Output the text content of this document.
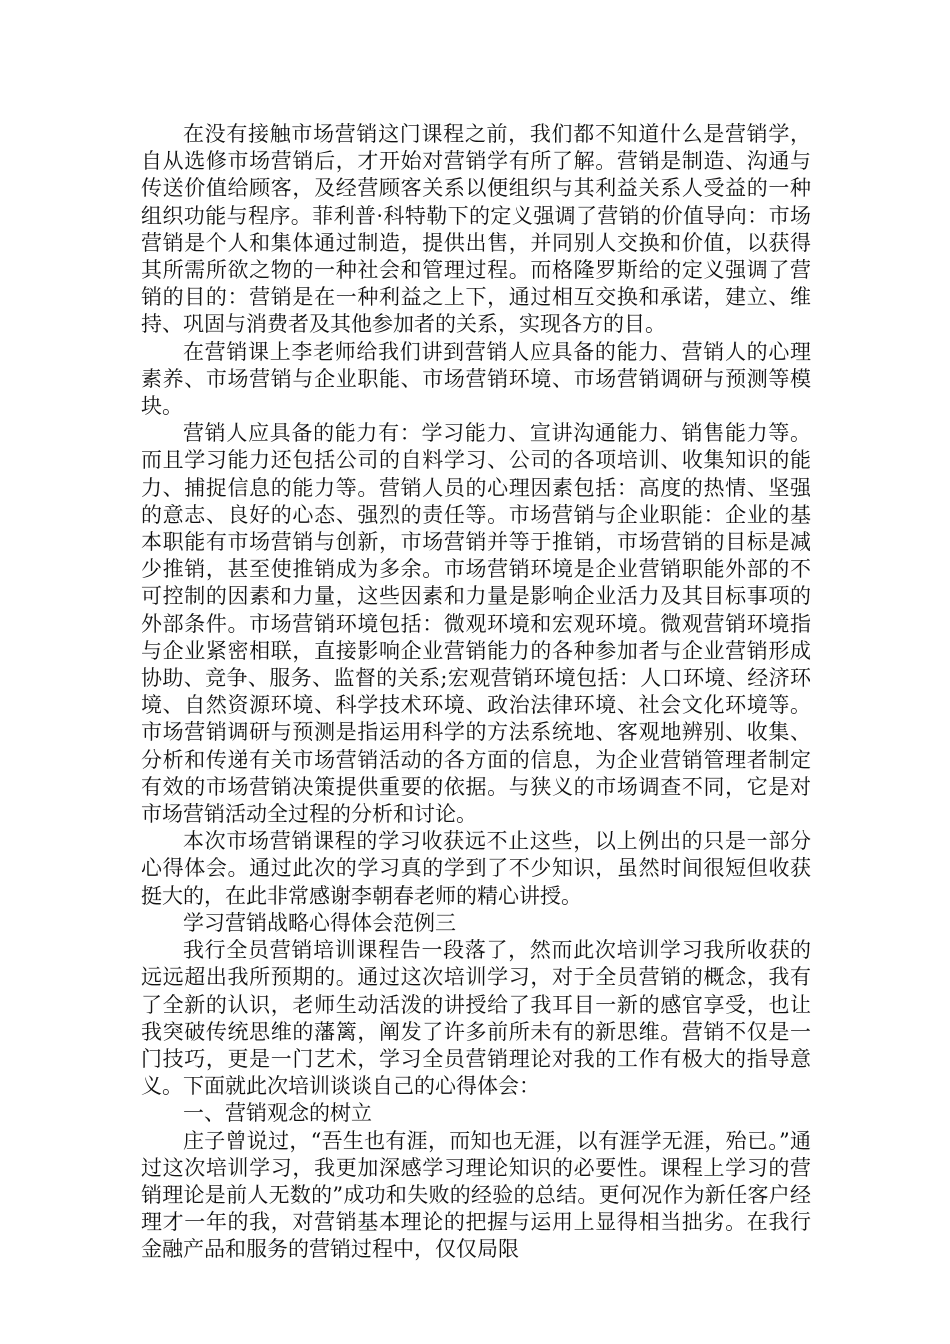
在没有接触市场营销这门课程之前，我们都不知道什么是营销学，自从选修市场营销后，才开始对营销学有所了解。营销是制造、沟通与传送价值给顾客，及经营顾客关系以便组织与其利益关系人受益的一种组织功能与程序。菲利普·科特勒下的定义强调了营销的价值导向：市场营销是个人和集体通过制造，提供出售，并同别人交换和价值，以获得其所需所欲之物的一种社会和管理过程。而格隆罗斯给的定义强调了营销的目的：营销是在一种利益之上下，通过相互交换和承诺，建立、维持、巩固与消费者及其他参加者的关系，实现各方的目。

在营销课上李老师给我们讲到营销人应具备的能力、营销人的心理素养、市场营销与企业职能、市场营销环境、市场营销调研与预测等模块。

营销人应具备的能力有：学习能力、宣讲沟通能力、销售能力等。而且学习能力还包括公司的自料学习、公司的各项培训、收集知识的能力、捕捉信息的能力等。营销人员的心理因素包括：高度的热情、坚强的意志、良好的心态、强烈的责任等。市场营销与企业职能：企业的基本职能有市场营销与创新，市场营销并等于推销，市场营销的目标是减少推销，甚至使推销成为多余。市场营销环境是企业营销职能外部的不可控制的因素和力量，这些因素和力量是影响企业活力及其目标事项的外部条件。市场营销环境包括：微观环境和宏观环境。微观营销环境指与企业紧密相联，直接影响企业营销能力的各种参加者与企业营销形成协助、竞争、服务、监督的关系;宏观营销环境包括：人口环境、经济环境、自然资源环境、科学技术环境、政治法律环境、社会文化环境等。市场营销调研与预测是指运用科学的方法系统地、客观地辨别、收集、分析和传递有关市场营销活动的各方面的信息，为企业营销管理者制定有效的市场营销决策提供重要的依据。与狭义的市场调查不同，它是对市场营销活动全过程的分析和讨论。

本次市场营销课程的学习收获远不止这些，以上例出的只是一部分心得体会。通过此次的学习真的学到了不少知识，虽然时间很短但收获挺大的，在此非常感谢李朝春老师的精心讲授。

学习营销战略心得体会范例三

我行全员营销培训课程告一段落了，然而此次培训学习我所收获的远远超出我所预期的。通过这次培训学习，对于全员营销的概念，我有了全新的认识，老师生动活泼的讲授给了我耳目一新的感官享受，也让我突破传统思维的藩篱，阐发了许多前所未有的新思维。营销不仅是一门技巧，更是一门艺术，学习全员营销理论对我的工作有极大的指导意义。下面就此次培训谈谈自己的心得体会：

一、营销观念的树立

庄子曾说过，“吾生也有涯，而知也无涯，以有涯学无涯，殆已。”通过这次培训学习，我更加深感学习理论知识的必要性。课程上学习的营销理论是前人无数的”成功和失败的经验的总结。更何况作为新任客户经理才一年的我，对营销基本理论的把握与运用上显得相当拙劣。在我行金融产品和服务的营销过程中，仅仅局限
